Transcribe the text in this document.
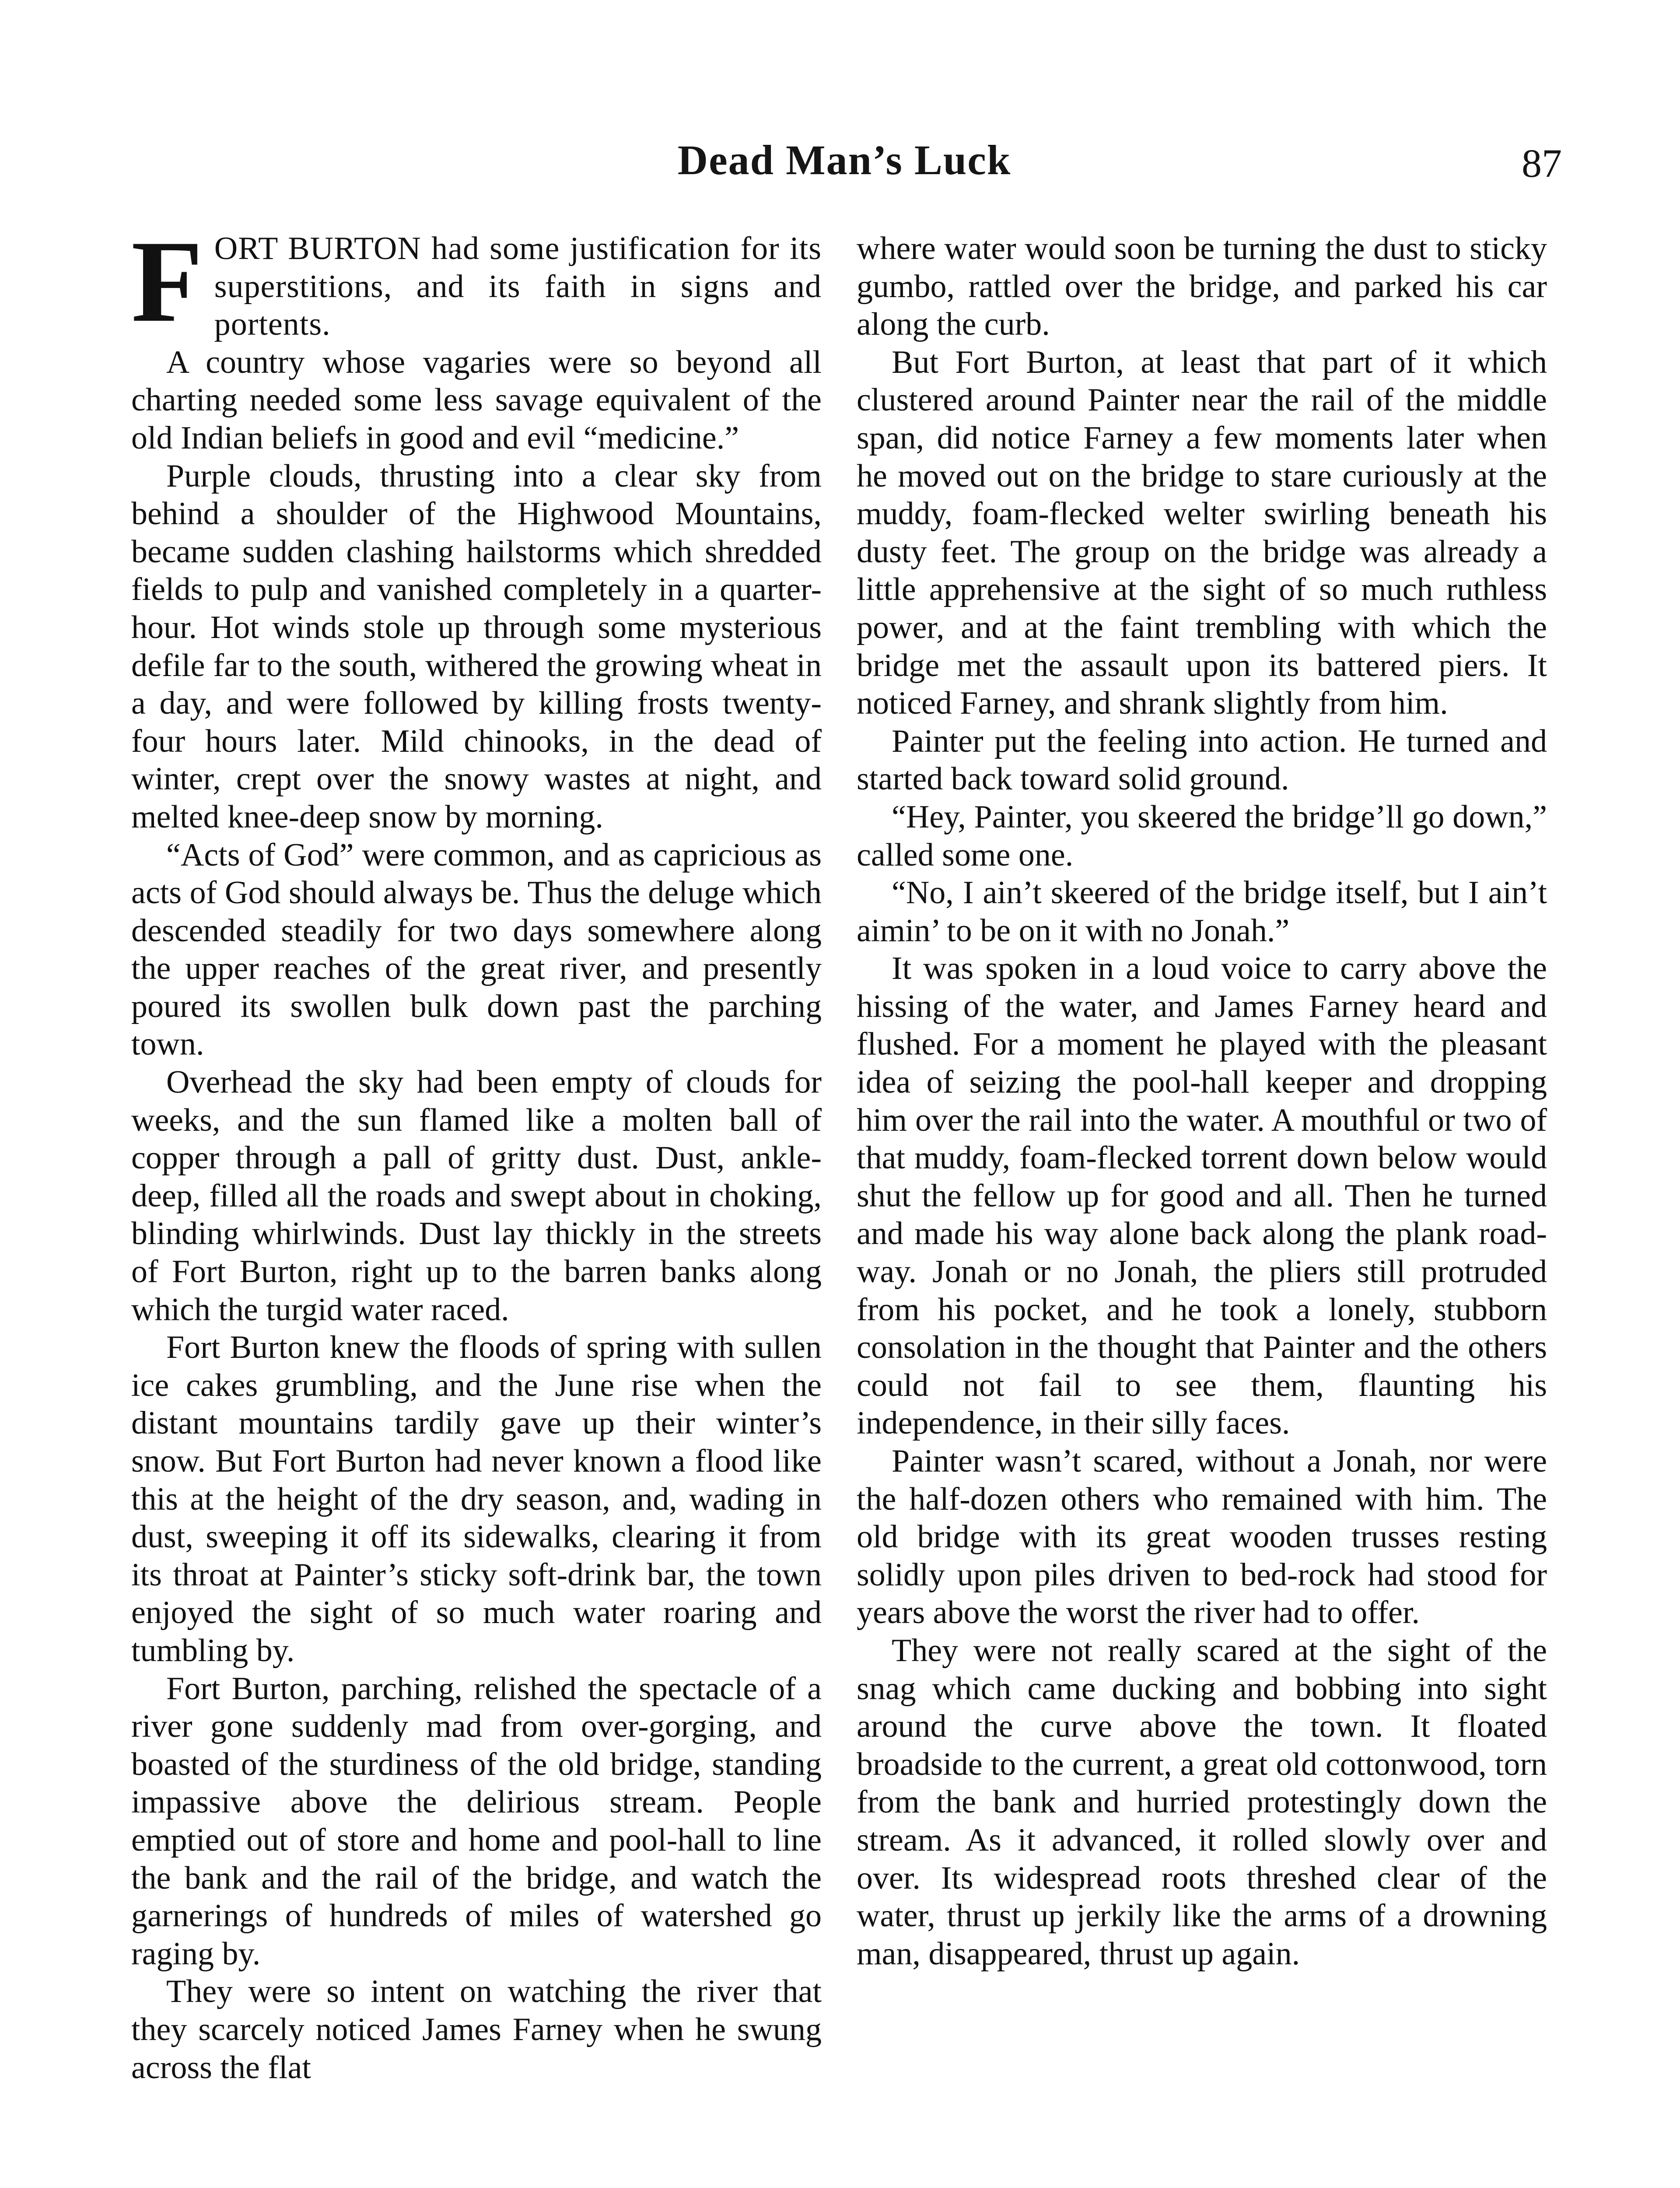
Dead Man’s Luck	87

FORT BURTON had some justification for its superstitions, and its faith in signs and portents.

A country whose vagaries were so beyond all charting needed some less savage equivalent of the old Indian beliefs in good and evil “medicine.”

Purple clouds, thrusting into a clear sky from behind a shoulder of the Highwood Mountains, became sudden clashing hailstorms which shredded fields to pulp and vanished completely in a quarter-hour. Hot winds stole up through some mysterious defile far to the south, withered the growing wheat in a day, and were followed by killing frosts twenty-four hours later. Mild chinooks, in the dead of winter, crept over the snowy wastes at night, and melted knee-deep snow by morning.

“Acts of God” were common, and as capricious as acts of God should always be. Thus the deluge which descended steadily for two days somewhere along the upper reaches of the great river, and presently poured its swollen bulk down past the parching town.

Overhead the sky had been empty of clouds for weeks, and the sun flamed like a molten ball of copper through a pall of gritty dust. Dust, ankle-deep, filled all the roads and swept about in choking, blinding whirlwinds. Dust lay thickly in the streets of Fort Burton, right up to the barren banks along which the turgid water raced.

Fort Burton knew the floods of spring with sullen ice cakes grumbling, and the June rise when the distant mountains tardily gave up their winter’s snow. But Fort Burton had never known a flood like this at the height of the dry season, and, wading in dust, sweeping it off its sidewalks, clearing it from its throat at Painter’s sticky soft-drink bar, the town enjoyed the sight of so much water roaring and tumbling by.

Fort Burton, parching, relished the spectacle of a river gone suddenly mad from over-gorging, and boasted of the sturdiness of the old bridge, standing impassive above the delirious stream. People emptied out of store and home and pool-hall to line the bank and the rail of the bridge, and watch the garnerings of hundreds of miles of watershed go raging by.

They were so intent on watching the river that they scarcely noticed James Farney when he swung across the flat

where water would soon be turning the dust to sticky gumbo, rattled over the bridge, and parked his car along the curb.

But Fort Burton, at least that part of it which clustered around Painter near the rail of the middle span, did notice Farney a few moments later when he moved out on the bridge to stare curiously at the muddy, foam-flecked welter swirling beneath his dusty feet. The group on the bridge was already a little apprehensive at the sight of so much ruthless power, and at the faint trembling with which the bridge met the assault upon its battered piers. It noticed Farney, and shrank slightly from him.

Painter put the feeling into action. He turned and started back toward solid ground.

“Hey, Painter, you skeered the bridge’ll go down,” called some one.

“No, I ain’t skeered of the bridge itself, but I ain’t aimin’ to be on it with no Jonah.”

It was spoken in a loud voice to carry above the hissing of the water, and James Farney heard and flushed. For a moment he played with the pleasant idea of seizing the pool-hall keeper and dropping him over the rail into the water. A mouthful or two of that muddy, foam-flecked torrent down below would shut the fellow up for good and all. Then he turned and made his way alone back along the plank roadway. Jonah or no Jonah, the pliers still protruded from his pocket, and he took a lonely, stubborn consolation in the thought that Painter and the others could not fail to see them, flaunting his independence, in their silly faces.

Painter wasn’t scared, without a Jonah, nor were the half-dozen others who remained with him. The old bridge with its great wooden trusses resting solidly upon piles driven to bed-rock had stood for years above the worst the river had to offer.

They were not really scared at the sight of the snag which came ducking and bobbing into sight around the curve above the town. It floated broadside to the current, a great old cottonwood, torn from the bank and hurried protestingly down the stream. As it advanced, it rolled slowly over and over. Its widespread roots threshed clear of the water, thrust up jerkily like the arms of a drowning man, disappeared, thrust up again.
